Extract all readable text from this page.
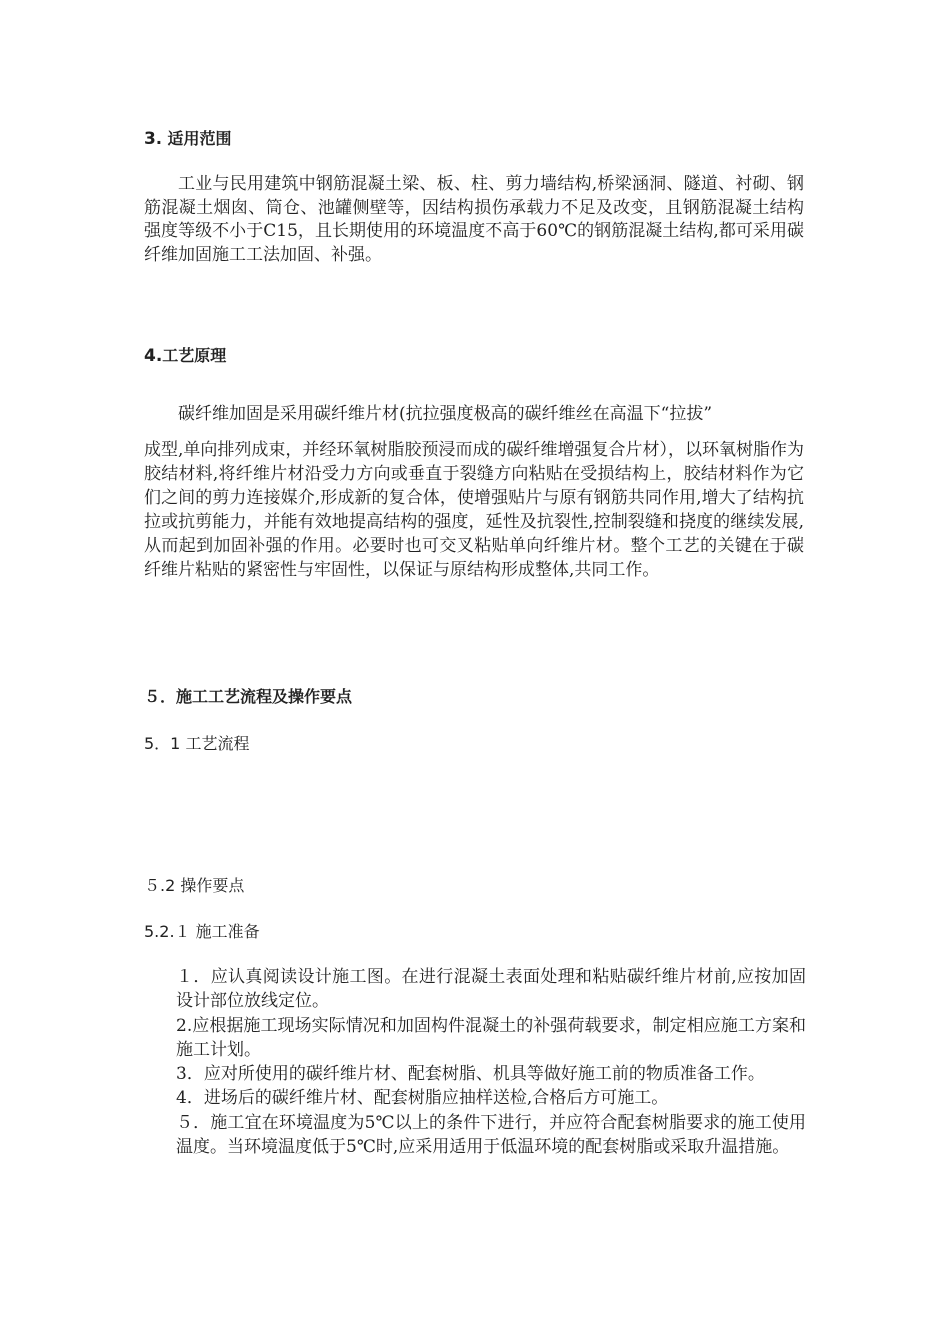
3. 适用范围
工业与民用建筑中钢筋混凝土梁、板、柱、剪力墙结构,桥梁涵洞、隧道、衬砌、钢筋混凝土烟囱、筒仓、池罐侧壁等，因结构损伤承载力不足及改变，且钢筋混凝土结构强度等级不小于C15，且长期使用的环境温度不高于60℃的钢筋混凝土结构,都可采用碳纤维加固施工工法加固、补强。
4.工艺原理
碳纤维加固是采用碳纤维片材(抗拉强度极高的碳纤维丝在高温下“拉拔”
成型,单向排列成束，并经环氧树脂胶预浸而成的碳纤维增强复合片材），以环氧树脂作为胶结材料,将纤维片材沿受力方向或垂直于裂缝方向粘贴在受损结构上，胶结材料作为它们之间的剪力连接媒介,形成新的复合体，使增强贴片与原有钢筋共同作用,增大了结构抗拉或抗剪能力，并能有效地提高结构的强度，延性及抗裂性,控制裂缝和挠度的继续发展,从而起到加固补强的作用。必要时也可交叉粘贴单向纤维片材。整个工艺的关键在于碳纤维片粘贴的紧密性与牢固性，以保证与原结构形成整体,共同工作。
５．施工工艺流程及操作要点
5．1 工艺流程
５.2 操作要点
5.2.１ 施工准备
１．应认真阅读设计施工图。在进行混凝土表面处理和粘贴碳纤维片材前,应按加固设计部位放线定位。
2.应根据施工现场实际情况和加固构件混凝土的补强荷载要求，制定相应施工方案和施工计划。
3．应对所使用的碳纤维片材、配套树脂、机具等做好施工前的物质准备工作。
4．进场后的碳纤维片材、配套树脂应抽样送检,合格后方可施工。
５．施工宜在环境温度为5℃以上的条件下进行，并应符合配套树脂要求的施工使用温度。当环境温度低于5℃时,应采用适用于低温环境的配套树脂或采取升温措施。
